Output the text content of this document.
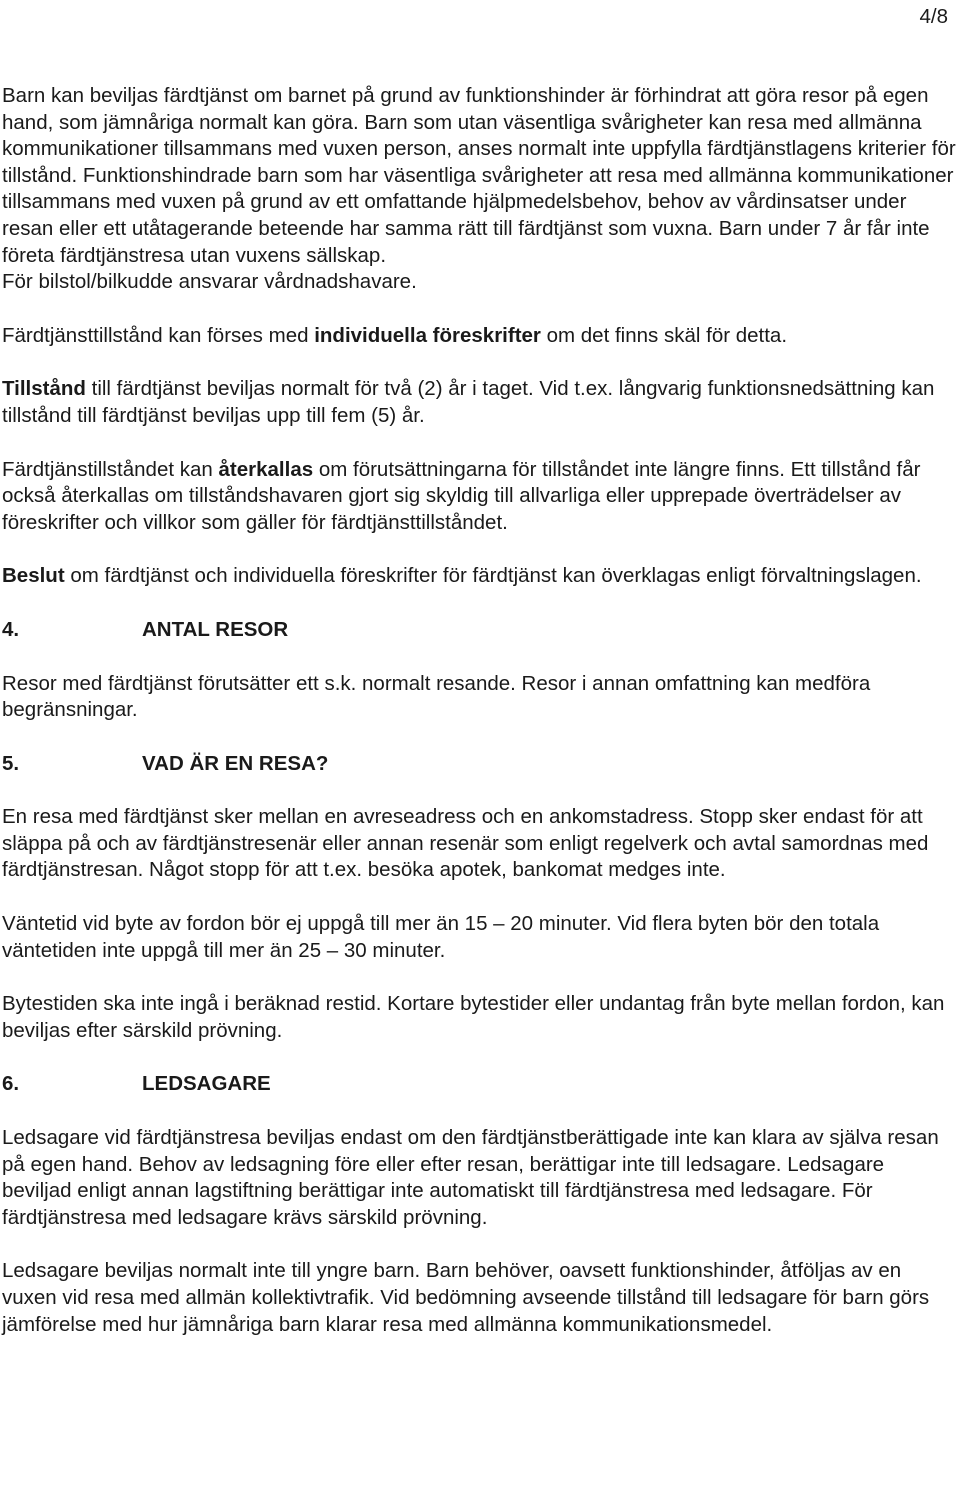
4/8

Barn kan beviljas färdtjänst om barnet på grund av funktionshinder är förhindrat att göra resor på egen hand, som jämnåriga normalt kan göra. Barn som utan väsentliga svårigheter kan resa med allmänna kommunikationer tillsammans med vuxen person, anses normalt inte uppfylla färdtjänstlagens kriterier för tillstånd. Funktionshindrade barn som har väsentliga svårigheter att resa med allmänna kommunikationer tillsammans med vuxen på grund av ett omfattande hjälpmedelsbehov, behov av vårdinsatser under resan eller ett utåtagerande beteende har samma rätt till färdtjänst som vuxna. Barn under 7 år får inte företa färdtjänstresa utan vuxens sällskap.
För bilstol/bilkudde ansvarar vårdnadshavare.

Färdtjänsttillstånd kan förses med individuella föreskrifter om det finns skäl för detta.

Tillstånd till färdtjänst beviljas normalt för två (2) år i taget. Vid t.ex. långvarig funktionsnedsättning kan tillstånd till färdtjänst beviljas upp till fem (5) år.

Färdtjänstillståndet kan återkallas om förutsättningarna för tillståndet inte längre finns. Ett tillstånd får också återkallas om tillståndshavaren gjort sig skyldig till allvarliga eller upprepade överträdelser av föreskrifter och villkor som gäller för färdtjänsttillståndet.

Beslut om färdtjänst och individuella föreskrifter för färdtjänst kan överklagas enligt förvaltningslagen.

4.	ANTAL RESOR

Resor med färdtjänst förutsätter ett s.k. normalt resande. Resor i annan omfattning kan medföra begränsningar.

5.	VAD ÄR EN RESA?

En resa med färdtjänst sker mellan en avreseadress och en ankomstadress. Stopp sker endast för att släppa på och av färdtjänstresenär eller annan resenär som enligt regelverk och avtal samordnas med färdtjänstresan. Något stopp för att t.ex. besöka apotek, bankomat medges inte.

Väntetid vid byte av fordon bör ej uppgå till mer än 15 – 20 minuter. Vid flera byten bör den totala väntetiden inte uppgå till mer än 25 – 30 minuter.

Bytestiden ska inte ingå i beräknad restid. Kortare bytestider eller undantag från byte mellan fordon, kan beviljas efter särskild prövning.

6.	LEDSAGARE

Ledsagare vid färdtjänstresa beviljas endast om den färdtjänstberättigade inte kan klara av själva resan på egen hand. Behov av ledsagning före eller efter resan, berättigar inte till ledsagare. Ledsagare beviljad enligt annan lagstiftning berättigar inte automatiskt till färdtjänstresa med ledsagare. För färdtjänstresa med ledsagare krävs särskild prövning.

Ledsagare beviljas normalt inte till yngre barn. Barn behöver, oavsett funktionshinder, åtföljas av en vuxen vid resa med allmän kollektivtrafik. Vid bedömning avseende tillstånd till ledsagare för barn görs jämförelse med hur jämnåriga barn klarar resa med allmänna kommunikationsmedel.
